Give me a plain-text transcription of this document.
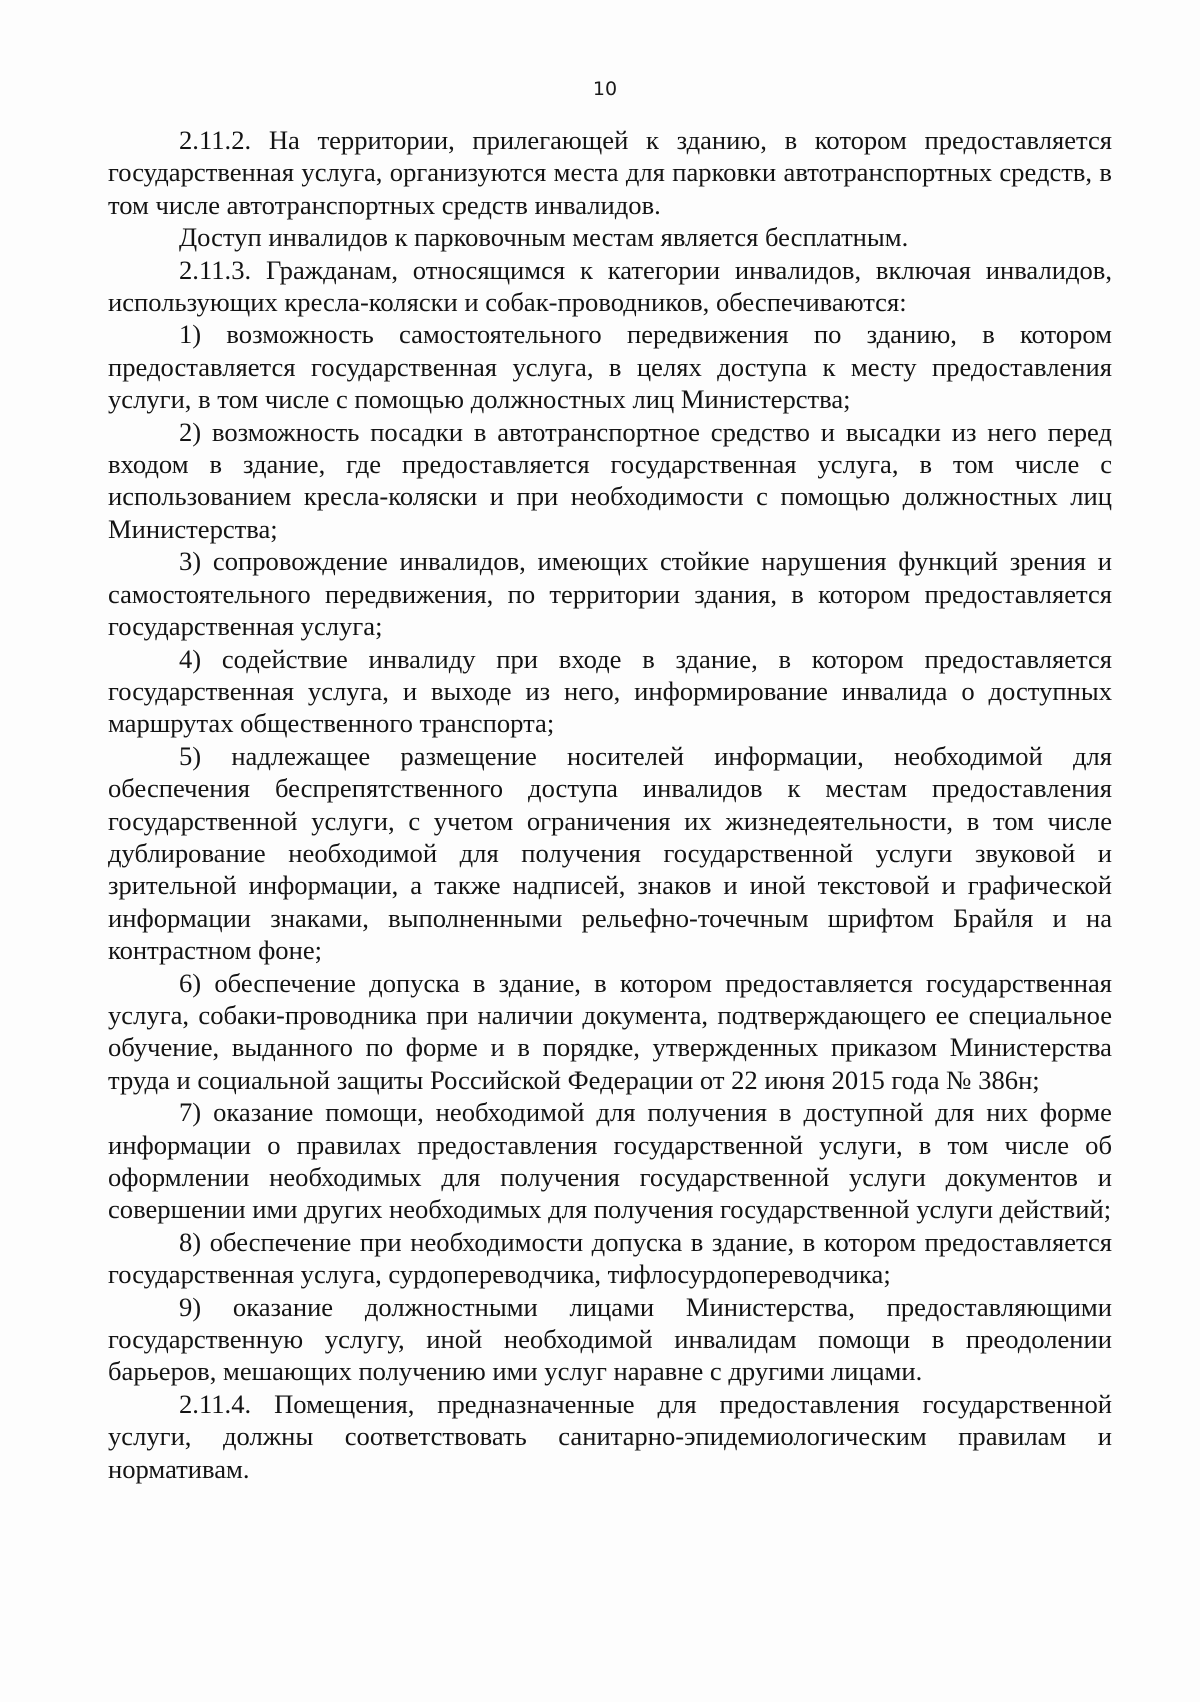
10

2.11.2. На территории, прилегающей к зданию, в котором предоставляется государственная услуга, организуются места для парковки автотранспортных средств, в том числе автотранспортных средств инвалидов.

Доступ инвалидов к парковочным местам является бесплатным.

2.11.3. Гражданам, относящимся к категории инвалидов, включая инвалидов, использующих кресла-коляски и собак-проводников, обеспечиваются:

1) возможность самостоятельного передвижения по зданию, в котором предоставляется государственная услуга, в целях доступа к месту предоставления услуги, в том числе с помощью должностных лиц Министерства;

2) возможность посадки в автотранспортное средство и высадки из него перед входом в здание, где предоставляется государственная услуга, в том числе с использованием кресла-коляски и при необходимости с помощью должностных лиц Министерства;

3) сопровождение инвалидов, имеющих стойкие нарушения функций зрения и самостоятельного передвижения, по территории здания, в котором предоставляется государственная услуга;

4) содействие инвалиду при входе в здание, в котором предоставляется государственная услуга, и выходе из него, информирование инвалида о доступных маршрутах общественного транспорта;

5) надлежащее размещение носителей информации, необходимой для обеспечения беспрепятственного доступа инвалидов к местам предоставления государственной услуги, с учетом ограничения их жизнедеятельности, в том числе дублирование необходимой для получения государственной услуги звуковой и зрительной информации, а также надписей, знаков и иной текстовой и графической информации знаками, выполненными рельефно-точечным шрифтом Брайля и на контрастном фоне;

6) обеспечение допуска в здание, в котором предоставляется государственная услуга, собаки-проводника при наличии документа, подтверждающего ее специальное обучение, выданного по форме и в порядке, утвержденных приказом Министерства труда и социальной защиты Российской Федерации от 22 июня 2015 года № 386н;

7) оказание помощи, необходимой для получения в доступной для них форме информации о правилах предоставления государственной услуги, в том числе об оформлении необходимых для получения государственной услуги документов и совершении ими других необходимых для получения государственной услуги действий;

8) обеспечение при необходимости допуска в здание, в котором предоставляется государственная услуга, сурдопереводчика, тифлосурдопереводчика;

9) оказание должностными лицами Министерства, предоставляющими государственную услугу, иной необходимой инвалидам помощи в преодолении барьеров, мешающих получению ими услуг наравне с другими лицами.

2.11.4. Помещения, предназначенные для предоставления государственной услуги, должны соответствовать санитарно-эпидемиологическим правилам и нормативам.
